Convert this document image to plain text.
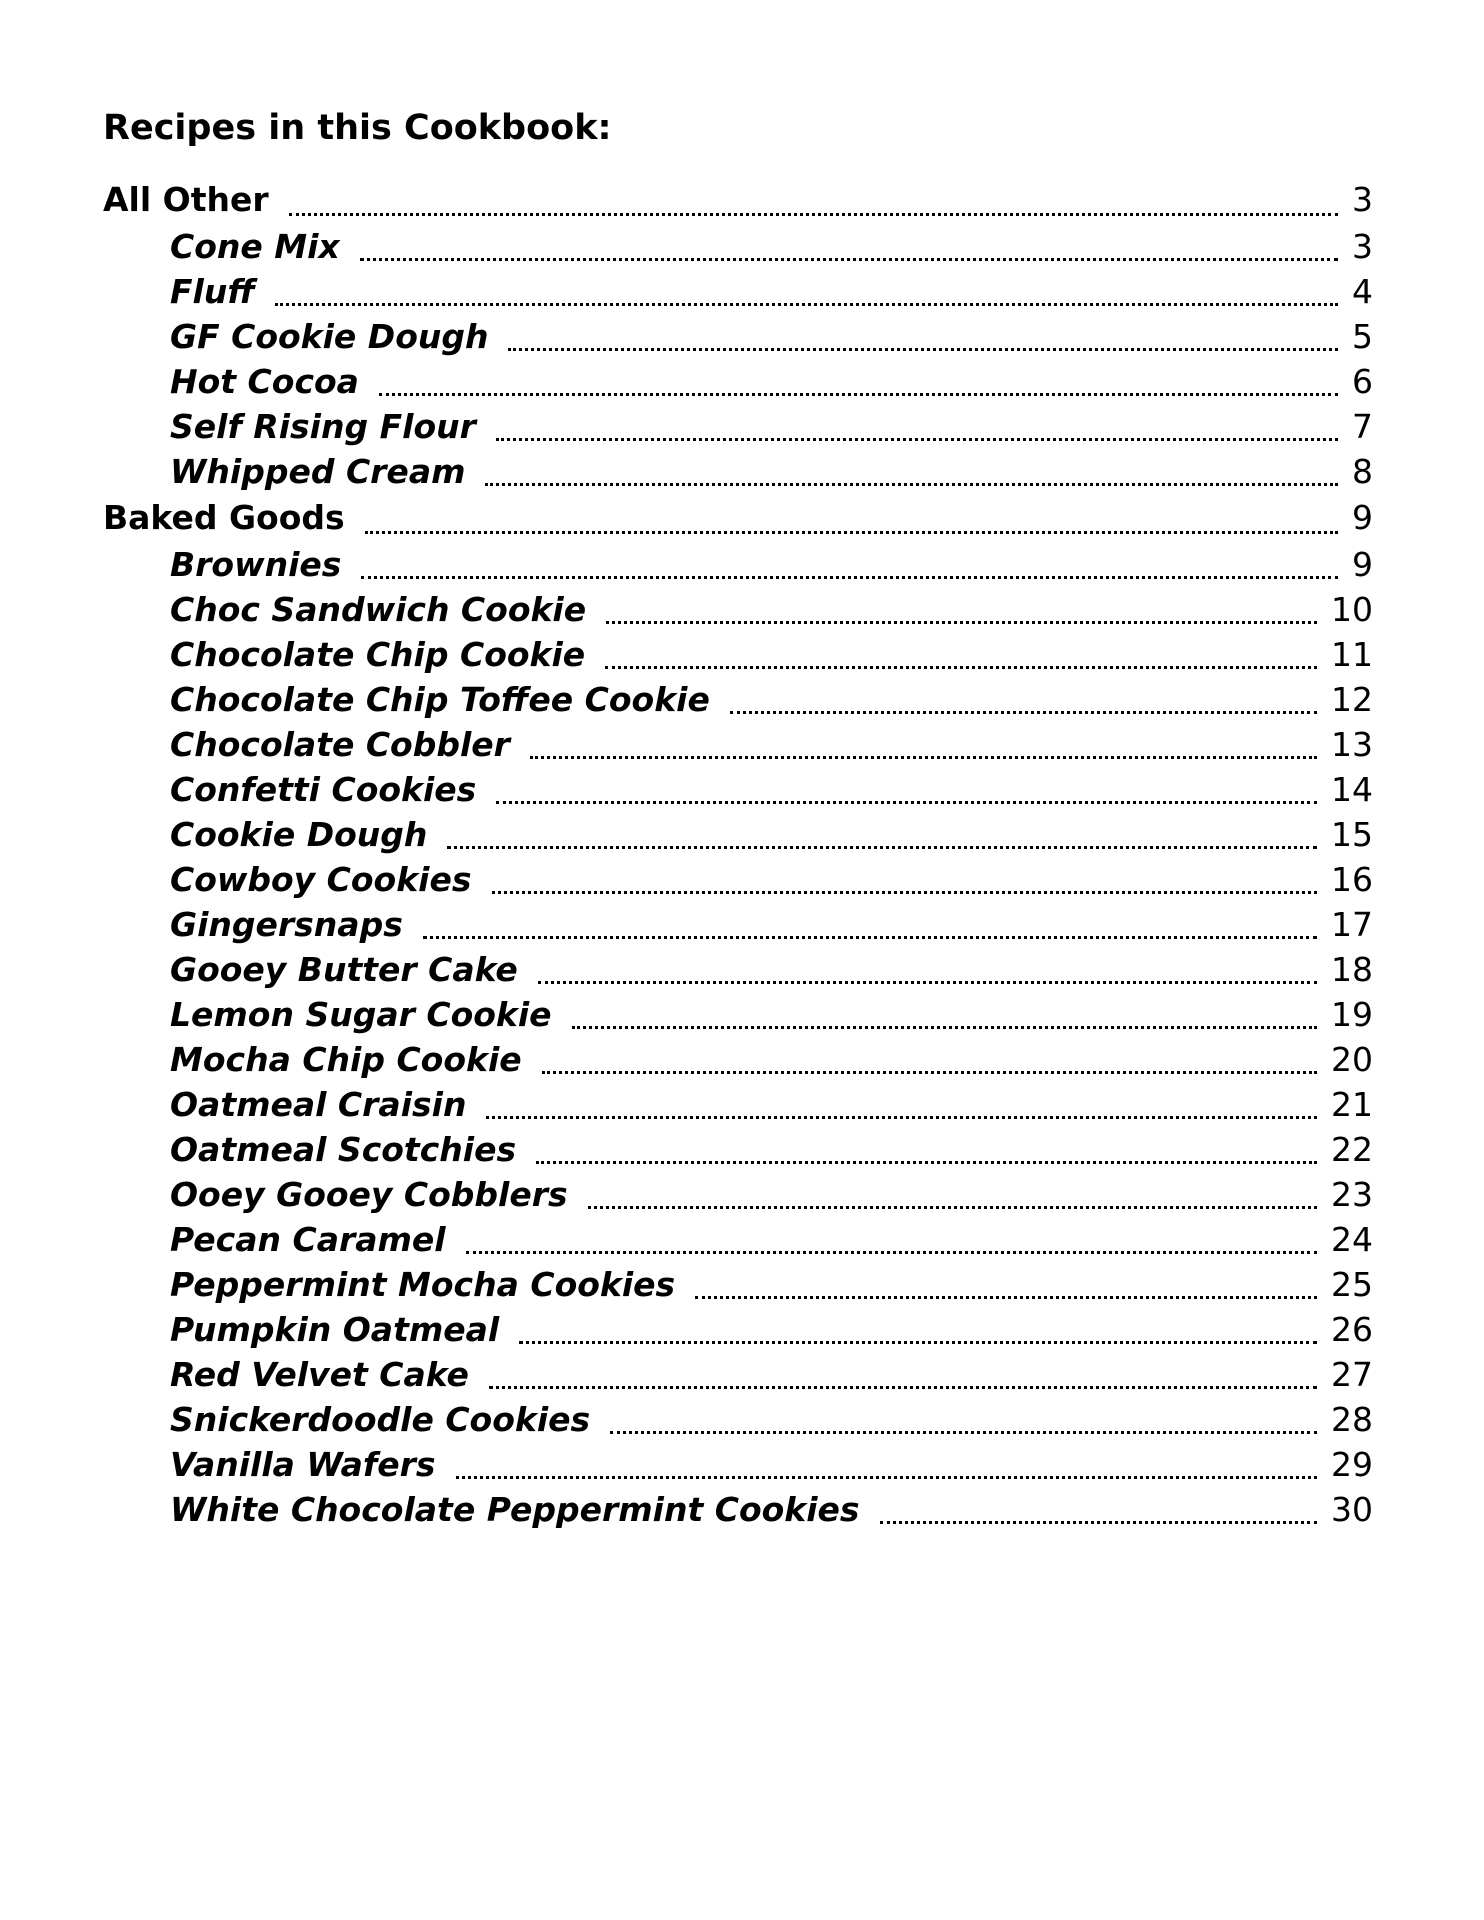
Recipes in this Cookbook:
All Other	3
Cone Mix	3
Fluff	4
GF Cookie Dough	5
Hot Cocoa	6
Self Rising Flour	7
Whipped Cream	8
Baked Goods	9
Brownies	9
Choc Sandwich Cookie	10
Chocolate Chip Cookie	11
Chocolate Chip Toffee Cookie	12
Chocolate Cobbler	13
Confetti Cookies	14
Cookie Dough	15
Cowboy Cookies	16
Gingersnaps	17
Gooey Butter Cake	18
Lemon Sugar Cookie	19
Mocha Chip Cookie	20
Oatmeal Craisin	21
Oatmeal Scotchies	22
Ooey Gooey Cobblers	23
Pecan Caramel	24
Peppermint Mocha Cookies	25
Pumpkin Oatmeal	26
Red Velvet Cake	27
Snickerdoodle Cookies	28
Vanilla Wafers	29
White Chocolate Peppermint Cookies	30
